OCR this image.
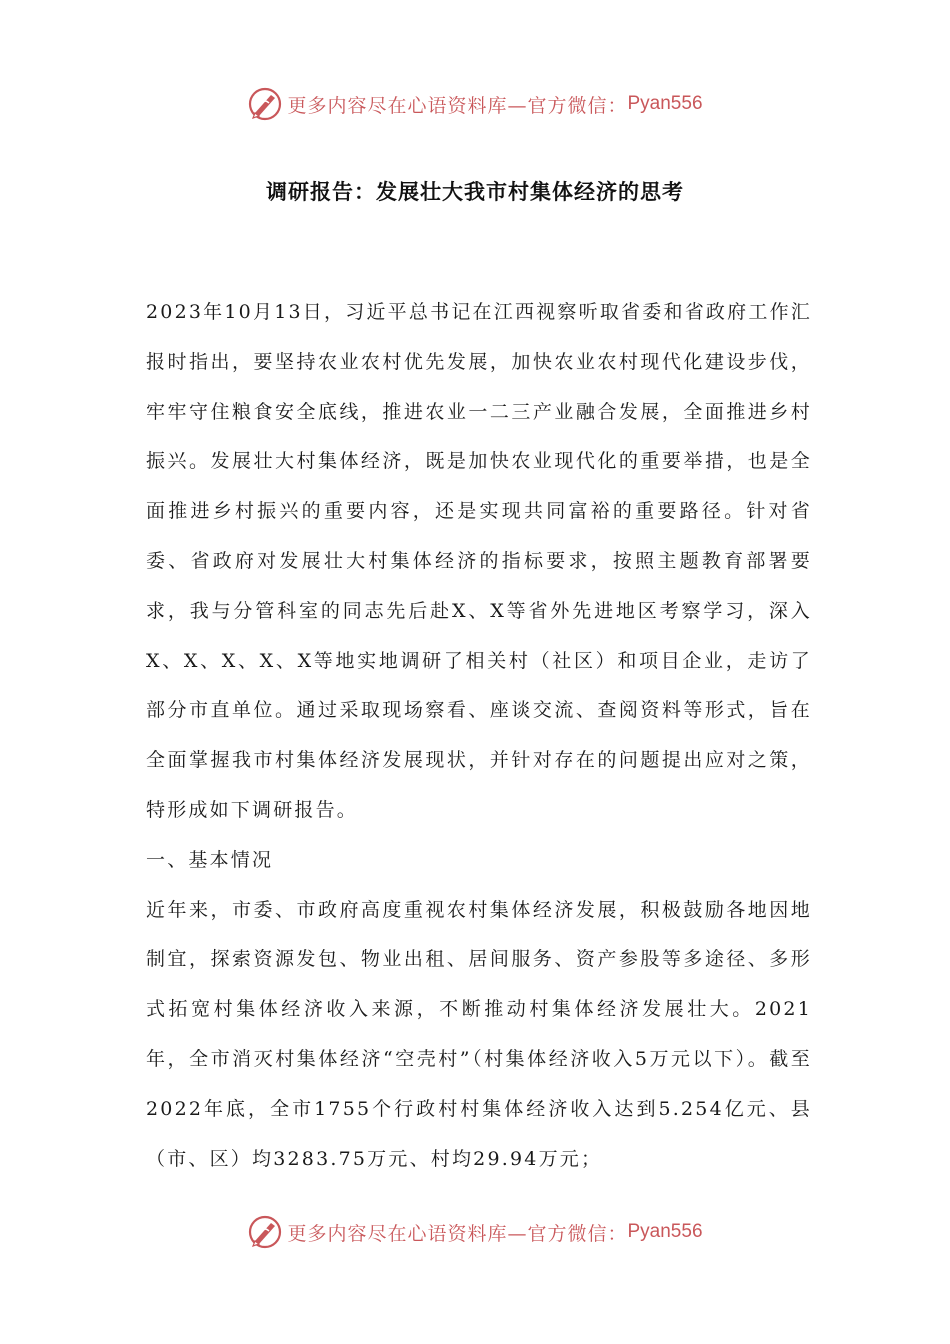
更多内容尽在心语资料库—官方微信： Pyan556
调研报告：发展壮大我市村集体经济的思考

2023年10月13日，习近平总书记在江西视察听取省委和省政府工作汇报时指出，要坚持农业农村优先发展，加快农业农村现代化建设步伐，牢牢守住粮食安全底线，推进农业一二三产业融合发展，全面推进乡村振兴。发展壮大村集体经济，既是加快农业现代化的重要举措，也是全面推进乡村振兴的重要内容，还是实现共同富裕的重要路径。针对省委、省政府对发展壮大村集体经济的指标要求，按照主题教育部署要求，我与分管科室的同志先后赴X、X等省外先进地区考察学习，深入X、X、X、X、X等地实地调研了相关村（社区）和项目企业，走访了部分市直单位。通过采取现场察看、座谈交流、查阅资料等形式，旨在全面掌握我市村集体经济发展现状，并针对存在的问题提出应对之策，特形成如下调研报告。

一、基本情况

近年来，市委、市政府高度重视农村集体经济发展，积极鼓励各地因地制宜，探索资源发包、物业出租、居间服务、资产参股等多途径、多形式拓宽村集体经济收入来源，不断推动村集体经济发展壮大。2021年，全市消灭村集体经济“空壳村”（村集体经济收入5万元以下）。截至2022年底，全市1755个行政村村集体经济收入达到5.254亿元、县（市、区）均3283.75万元、村均29.94万元；

更多内容尽在心语资料库—官方微信： Pyan556
